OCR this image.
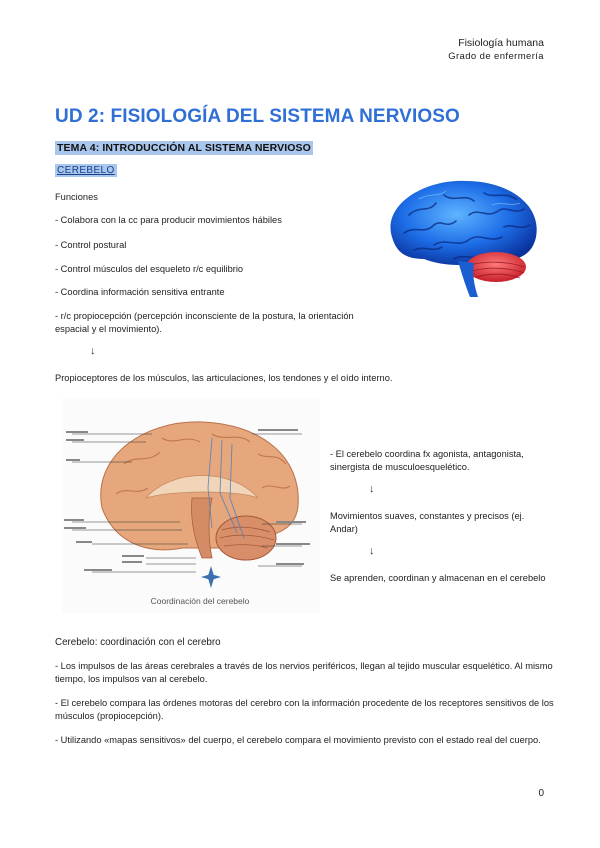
Fisiología humana
Grado de enfermería
UD 2: FISIOLOGÍA DEL SISTEMA NERVIOSO
TEMA 4: INTRODUCCIÓN AL SISTEMA NERVIOSO
CEREBELO
Funciones
- Colabora con la cc para producir movimientos hábiles
- Control postural
- Control músculos del esqueleto r/c equilibrio
- Coordina información sensitiva entrante
- r/c propiocepción (percepción inconsciente de la postura, la orientación
espacial y el movimiento).
↓
Propioceptores de los músculos, las articulaciones, los tendones y el oído interno.
Coordinación del cerebelo
- El cerebelo coordina fx agonista, antagonista,
sinergista de musculoesquelético.
↓
Movimientos suaves, constantes y precisos (ej.
Andar)
↓
Se aprenden, coordinan y almacenan en el cerebelo
Cerebelo: coordinación con el cerebro
- Los impulsos de las áreas cerebrales a través de los nervios periféricos, llegan al tejido muscular esquelético. Al mismo
tiempo, los impulsos van al cerebelo.
- El cerebelo compara las órdenes motoras del cerebro con la información procedente de los receptores sensitivos de los
músculos (propiocepción).
- Utilizando «mapas sensitivos» del cuerpo, el cerebelo compara el movimiento previsto con el estado real del cuerpo.
0
